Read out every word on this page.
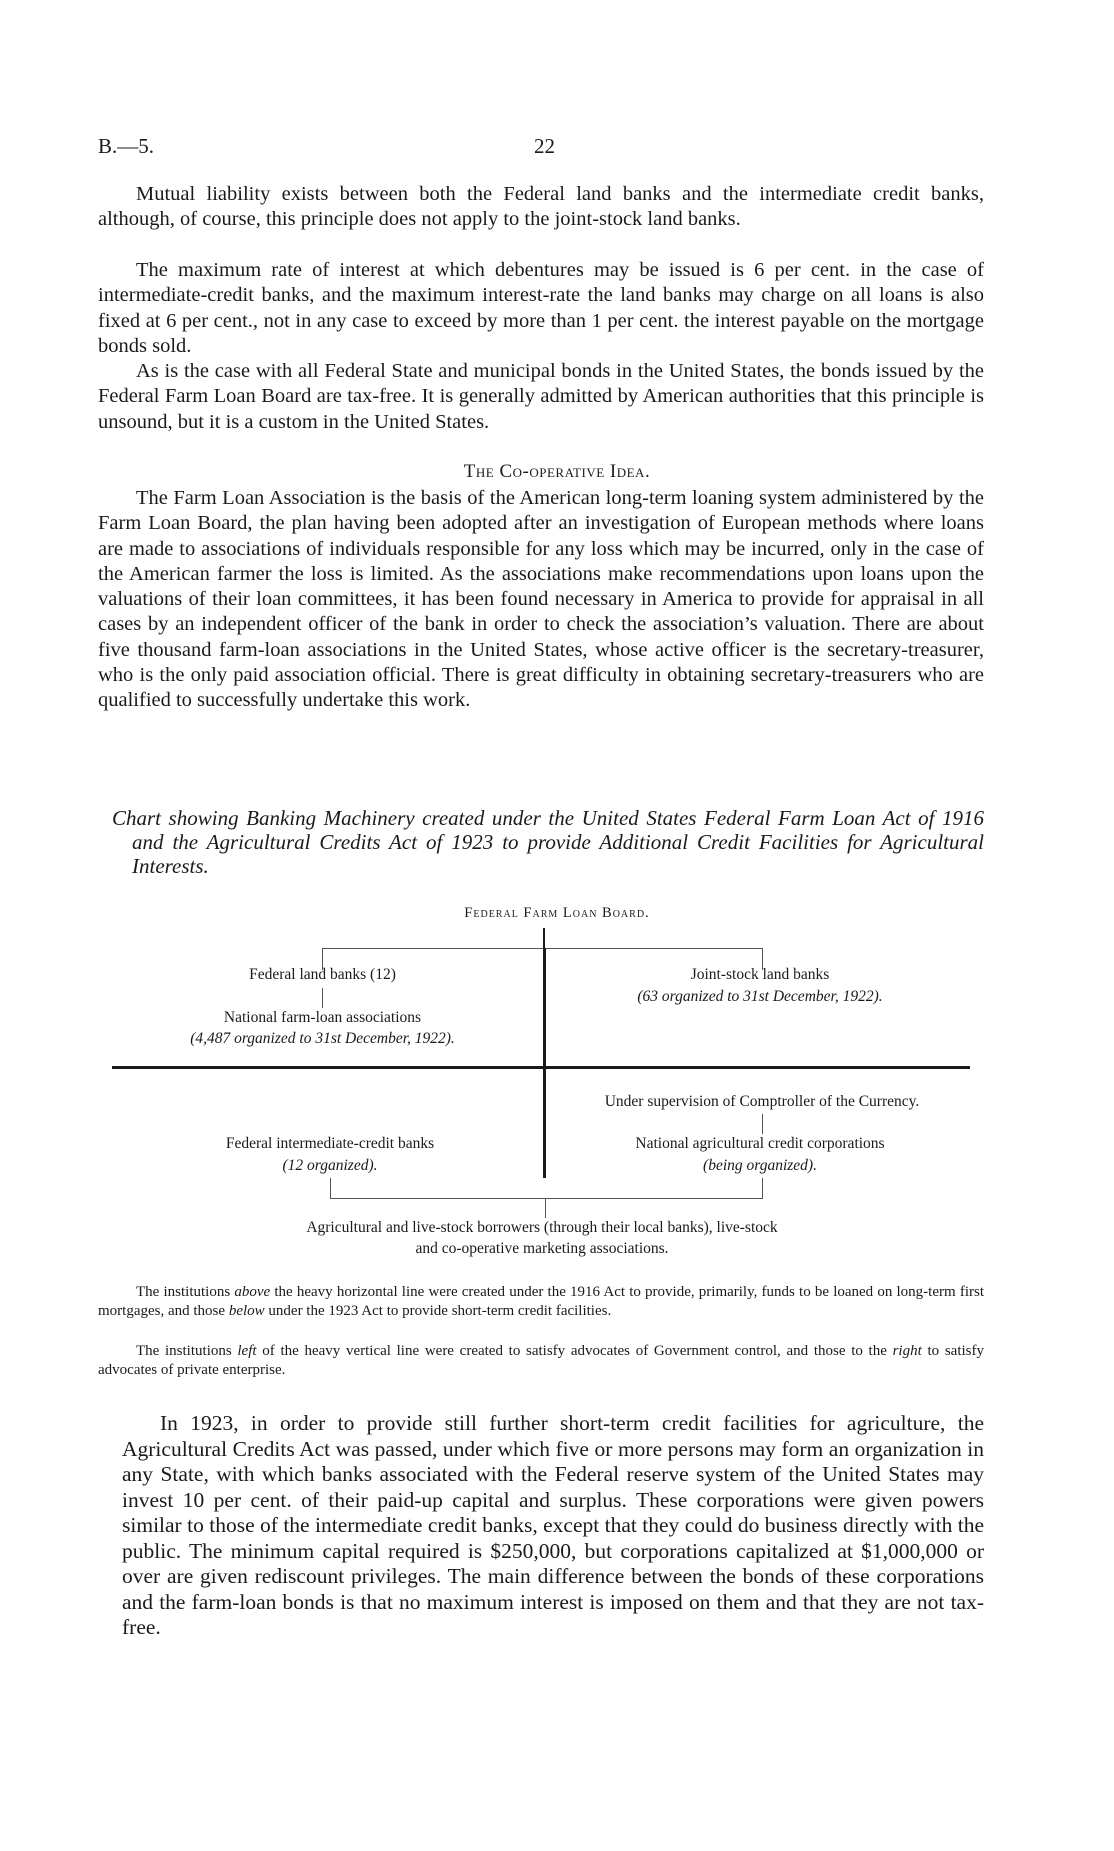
B.—5.	22
Mutual liability exists between both the Federal land banks and the intermediate credit banks, although, of course, this principle does not apply to the joint-stock land banks.
The maximum rate of interest at which debentures may be issued is 6 per cent. in the case of intermediate-credit banks, and the maximum interest-rate the land banks may charge on all loans is also fixed at 6 per cent., not in any case to exceed by more than 1 per cent. the interest payable on the mortgage bonds sold.
As is the case with all Federal State and municipal bonds in the United States, the bonds issued by the Federal Farm Loan Board are tax-free. It is generally admitted by American authorities that this principle is unsound, but it is a custom in the United States.
The Co-operative Idea.
The Farm Loan Association is the basis of the American long-term loaning system administered by the Farm Loan Board, the plan having been adopted after an investigation of European methods where loans are made to associations of individuals responsible for any loss which may be incurred, only in the case of the American farmer the loss is limited. As the associations make recommendations upon loans upon the valuations of their loan committees, it has been found necessary in America to provide for appraisal in all cases by an independent officer of the bank in order to check the association’s valuation. There are about five thousand farm-loan associations in the United States, whose active officer is the secretary-treasurer, who is the only paid association official. There is great difficulty in obtaining secretary-treasurers who are qualified to successfully undertake this work.
Chart showing Banking Machinery created under the United States Federal Farm Loan Act of 1916 and the Agricultural Credits Act of 1923 to provide Additional Credit Facilities for Agricultural Interests.
Federal Farm Loan Board.
Federal land banks (12)
National farm-loan associations
(4,487 organized to 31st December, 1922).
Joint-stock land banks
(63 organized to 31st December, 1922).
Under supervision of Comptroller of the Currency.
National agricultural credit corporations
(being organized).
Federal intermediate-credit banks
(12 organized).
Agricultural and live-stock borrowers (through their local banks), live-stock
and co-operative marketing associations.
The institutions above the heavy horizontal line were created under the 1916 Act to provide, primarily, funds to be loaned on long-term first mortgages, and those below under the 1923 Act to provide short-term credit facilities.
The institutions left of the heavy vertical line were created to satisfy advocates of Government control, and those to the right to satisfy advocates of private enterprise.
In 1923, in order to provide still further short-term credit facilities for agriculture, the Agricultural Credits Act was passed, under which five or more persons may form an organization in any State, with which banks associated with the Federal reserve system of the United States may invest 10 per cent. of their paid-up capital and surplus. These corporations were given powers similar to those of the intermediate credit banks, except that they could do business directly with the public. The minimum capital required is $250,000, but corporations capitalized at $1,000,000 or over are given rediscount privileges. The main difference between the bonds of these corporations and the farm-loan bonds is that no maximum interest is imposed on them and that they are not tax-free.
